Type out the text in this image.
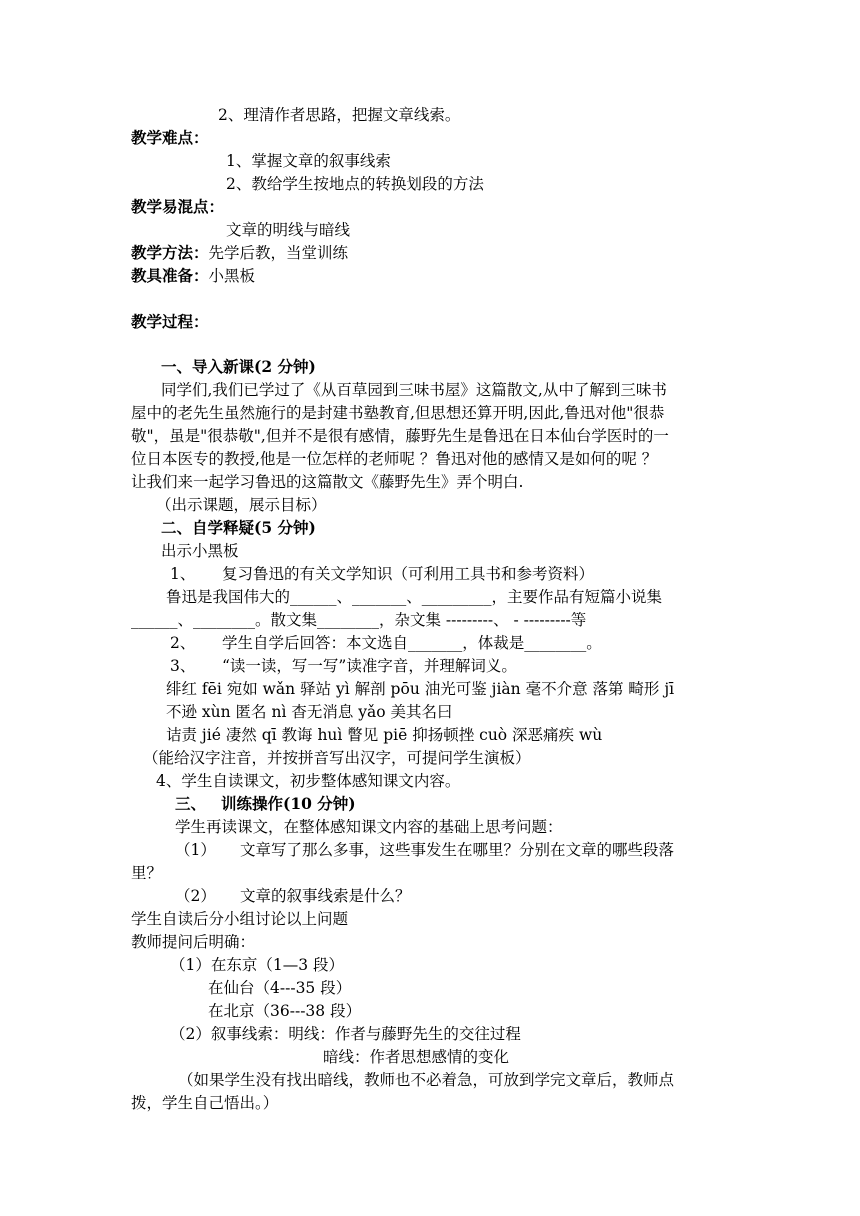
2、理清作者思路，把握文章线索。
教学难点：
1、掌握文章的叙事线索
2、教给学生按地点的转换划段的方法
教学易混点：
文章的明线与暗线
教学方法：先学后教，当堂训练
教具准备：小黑板
教学过程：
一、导入新课(2 分钟)
同学们,我们已学过了《从百草园到三味书屋》这篇散文,从中了解到三味书
屋中的老先生虽然施行的是封建书塾教育,但思想还算开明,因此,鲁迅对他"很恭
敬"，虽是"很恭敬",但并不是很有感情，藤野先生是鲁迅在日本仙台学医时的一
位日本医专的教授,他是一位怎样的老师呢 ？鲁迅对他的感情又是如何的呢 ？
让我们来一起学习鲁迅的这篇散文《藤野先生》弄个明白.
（出示课题，展示目标）
二、自学释疑(5 分钟)
出示小黑板
1、 复习鲁迅的有关文学知识（可利用工具书和参考资料）
鲁迅是我国伟大的______、_______、_________，主要作品有短篇小说集
______、________。散文集________，杂文集 ---------、 - ---------等
2、 学生自学后回答：本文选自_______，体裁是________。
3、 “读一读，写一写”读准字音，并理解词义。
绯红 fēi 宛如 wǎn 驿站 yì 解剖 pōu 油光可鉴 jiàn 毫不介意 落第 畸形 jī
不逊 xùn 匿名 nì 杳无消息 yǎo 美其名曰
诘责 jié 凄然 qī 教诲 huì 瞥见 piē 抑扬顿挫 cuò 深恶痛疾 wù
（能给汉字注音，并按拼音写出汉字，可提问学生演板）
4、学生自读课文，初步整体感知课文内容。
三、 训练操作(10 分钟)
学生再读课文，在整体感知课文内容的基础上思考问题：
（1） 文章写了那么多事，这些事发生在哪里？分别在文章的哪些段落
里？
（2） 文章的叙事线索是什么？
学生自读后分小组讨论以上问题
教师提问后明确：
（1）在东京（1—3 段）
在仙台（4---35 段）
在北京（36---38 段）
（2）叙事线索：明线：作者与藤野先生的交往过程
暗线：作者思想感情的变化
（如果学生没有找出暗线，教师也不必着急，可放到学完文章后，教师点
拨，学生自己悟出。）
